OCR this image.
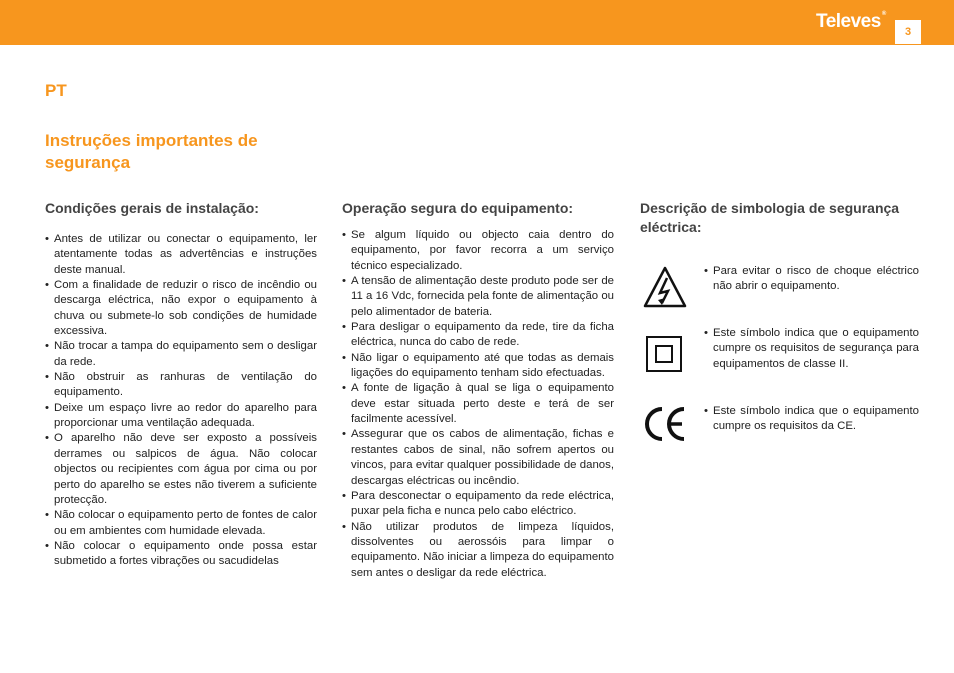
Televes®
3
PT
Instruções importantes de segurança
Condições gerais de instalação:
• Antes de utilizar ou conectar o equipamento, ler atentamente todas as advertências e instruções deste manual.
• Com a finalidade de reduzir o risco de incêndio ou descarga eléctrica, não expor o equipamento à chuva ou submete-lo sob condições de humidade excessiva.
• Não trocar a tampa do equipamento sem o desligar da rede.
• Não obstruir as ranhuras de ventilação do equipamento.
• Deixe um espaço livre ao redor do aparelho para proporcionar uma ventilação adequada.
• O aparelho não deve ser exposto a possíveis derrames ou salpicos de água. Não colocar objectos ou recipientes com água por cima ou por perto do aparelho se estes não tiverem a suficiente protecção.
• Não colocar o equipamento perto de fontes de calor ou em ambientes com humidade elevada.
• Não colocar o equipamento onde possa estar submetido a fortes vibrações ou sacudidelas
Operação segura do equipamento:
• Se algum líquido ou objecto caia dentro do equipamento, por favor recorra a um serviço técnico especializado.
• A tensão de alimentação deste produto pode ser de 11 a 16 Vdc, fornecida pela fonte de alimentação ou pelo alimentador de bateria.
• Para desligar o equipamento da rede, tire da ficha eléctrica, nunca do cabo de rede.
• Não ligar o equipamento até que todas as demais ligações do equipamento tenham sido efectuadas.
• A fonte de ligação à qual se liga o equipamento deve estar situada perto deste e terá de ser facilmente acessível.
• Assegurar que os cabos de alimentação, fichas e restantes cabos de sinal, não sofrem apertos ou vincos, para evitar qualquer possibilidade de danos, descargas eléctricas ou incêndio.
• Para desconectar o equipamento da rede eléctrica, puxar pela ficha e nunca pelo cabo eléctrico.
• Não utilizar produtos de limpeza líquidos, dissolventes ou aerossóis para limpar o equipamento. Não iniciar a limpeza do equipamento sem antes o desligar da rede eléctrica.
Descrição de simbologia de segurança eléctrica:
• Para evitar o risco de choque eléctrico não abrir o equipamento.
• Este símbolo indica que o equipamento cumpre os requisitos de segurança para equipamentos de classe II.
• Este símbolo indica que o equipamento cumpre os requisitos da CE.
